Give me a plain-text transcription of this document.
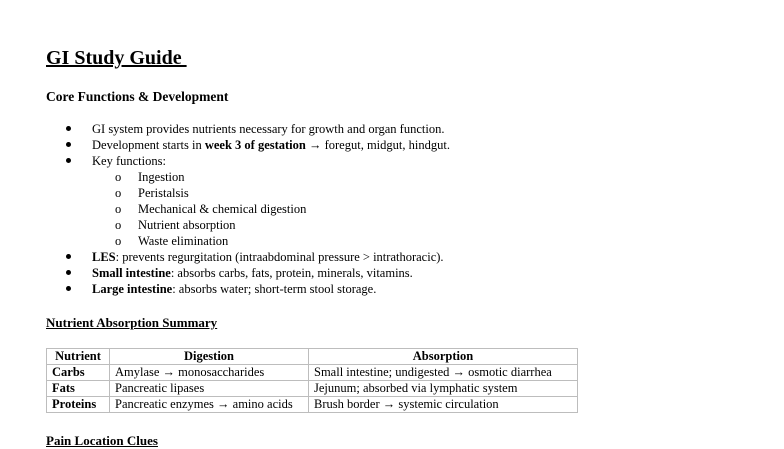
GI Study Guide
Core Functions & Development
GI system provides nutrients necessary for growth and organ function.
Development starts in week 3 of gestation → foregut, midgut, hindgut.
Key functions:
o Ingestion
o Peristalsis
o Mechanical & chemical digestion
o Nutrient absorption
o Waste elimination
LES: prevents regurgitation (intraabdominal pressure > intrathoracic).
Small intestine: absorbs carbs, fats, protein, minerals, vitamins.
Large intestine: absorbs water; short-term stool storage.
Nutrient Absorption Summary
Nutrient	Digestion	Absorption
Carbs	Amylase → monosaccharides	Small intestine; undigested → osmotic diarrhea
Fats	Pancreatic lipases	Jejunum; absorbed via lymphatic system
Proteins	Pancreatic enzymes → amino acids	Brush border → systemic circulation
Pain Location Clues
